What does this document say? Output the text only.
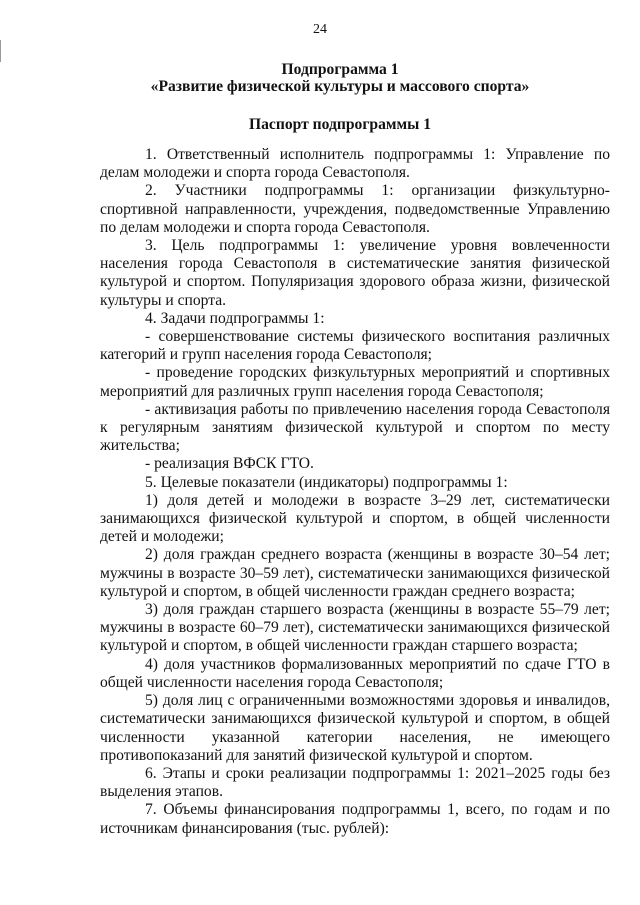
24
Подпрограмма 1
«Развитие физической культуры и массового спорта»
Паспорт подпрограммы 1

1. Ответственный исполнитель подпрограммы 1: Управление по делам молодежи и спорта города Севастополя.

2. Участники подпрограммы 1: организации физкультурно-спортивной направленности, учреждения, подведомственные Управлению по делам молодежи и спорта города Севастополя.

3. Цель подпрограммы 1: увеличение уровня вовлеченности населения города Севастополя в систематические занятия физической культурой и спортом. Популяризация здорового образа жизни, физической культуры и спорта.

4. Задачи подпрограммы 1:

- совершенствование системы физического воспитания различных категорий и групп населения города Севастополя;

- проведение городских физкультурных мероприятий и спортивных мероприятий для различных групп населения города Севастополя;

- активизация работы по привлечению населения города Севастополя к регулярным занятиям физической культурой и спортом по месту жительства;

- реализация ВФСК ГТО.

5. Целевые показатели (индикаторы) подпрограммы 1:

1) доля детей и молодежи в возрасте 3–29 лет, систематически занимающихся физической культурой и спортом, в общей численности детей и молодежи;

2) доля граждан среднего возраста (женщины в возрасте 30–54 лет; мужчины в возрасте 30–59 лет), систематически занимающихся физической культурой и спортом, в общей численности граждан среднего возраста;

3) доля граждан старшего возраста (женщины в возрасте 55–79 лет; мужчины в возрасте 60–79 лет), систематически занимающихся физической культурой и спортом, в общей численности граждан старшего возраста;

4) доля участников формализованных мероприятий по сдаче ГТО в общей численности населения города Севастополя;

5) доля лиц с ограниченными возможностями здоровья и инвалидов, систематически занимающихся физической культурой и спортом, в общей численности указанной категории населения, не имеющего противопоказаний для занятий физической культурой и спортом.

6. Этапы и сроки реализации подпрограммы 1: 2021–2025 годы без выделения этапов.

7. Объемы финансирования подпрограммы 1, всего, по годам и по источникам финансирования (тыс. рублей):
